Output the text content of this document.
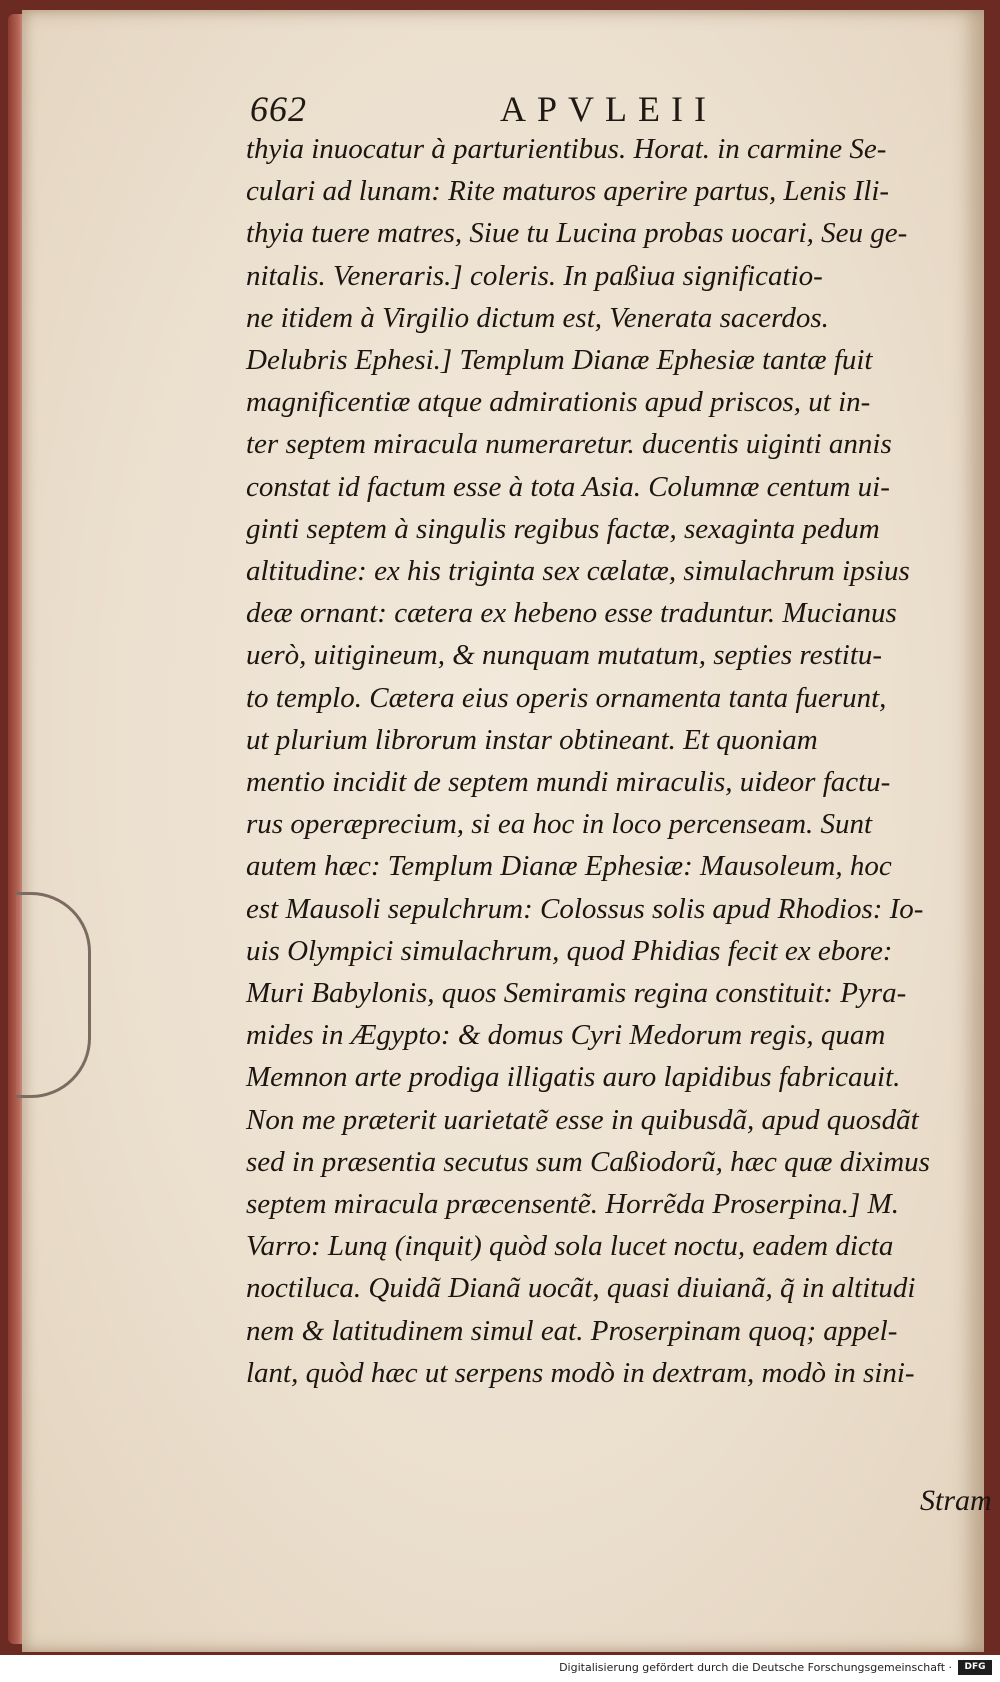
662	APVLEII
thyia inuocatur à parturientibus. Horat. in carmine Se-
culari ad lunam: Rite maturos aperire partus, Lenis Ili-
thyia tuere matres, Siue tu Lucina probas uocari, Seu ge-
nitalis. Veneraris.] coleris. In paßiua significatio-
ne itidem à Virgilio dictum est, Venerata sacerdos.
Delubris Ephesi.] Templum Dianæ Ephesiæ tantæ fuit
magnificentiæ atque admirationis apud priscos, ut in-
ter septem miracula numeraretur. ducentis uiginti annis
constat id factum esse à tota Asia. Columnæ centum ui-
ginti septem à singulis regibus factæ, sexaginta pedum
altitudine: ex his triginta sex cælatæ, simulachrum ipsius
deæ ornant: cætera ex hebeno esse traduntur. Mucianus
uerò, uitigineum, & nunquam mutatum, septies restitu-
to templo. Cætera eius operis ornamenta tanta fuerunt,
ut plurium librorum instar obtineant. Et quoniam
mentio incidit de septem mundi miraculis, uideor factu-
rus operæprecium, si ea hoc in loco percenseam. Sunt
autem hæc: Templum Dianæ Ephesiæ: Mausoleum, hoc
est Mausoli sepulchrum: Colossus solis apud Rhodios: Io-
uis Olympici simulachrum, quod Phidias fecit ex ebore:
Muri Babylonis, quos Semiramis regina constituit: Pyra-
mides in Ægypto: & domus Cyri Medorum regis, quam
Memnon arte prodiga illigatis auro lapidibus fabricauit.
Non me præterit uarietatẽ esse in quibusdã, apud quosdãt
sed in præsentia secutus sum Caßiodorũ, hæc quæ diximus
septem miracula præcensentẽ. Horrẽda Proserpina.] M.
Varro: Luną (inquit) quòd sola lucet noctu, eadem dicta
noctiluca. Quidã Dianã uocãt, quasi diuianã, q̃ in altitudi
nem & latitudinem simul eat. Proserpinam quoq; appel-
lant, quòd hæc ut serpens modò in dextram, modò in sini-
Stram
Digitalisierung gefördert durch die Deutsche Forschungsgemeinschaft ·	DFG
